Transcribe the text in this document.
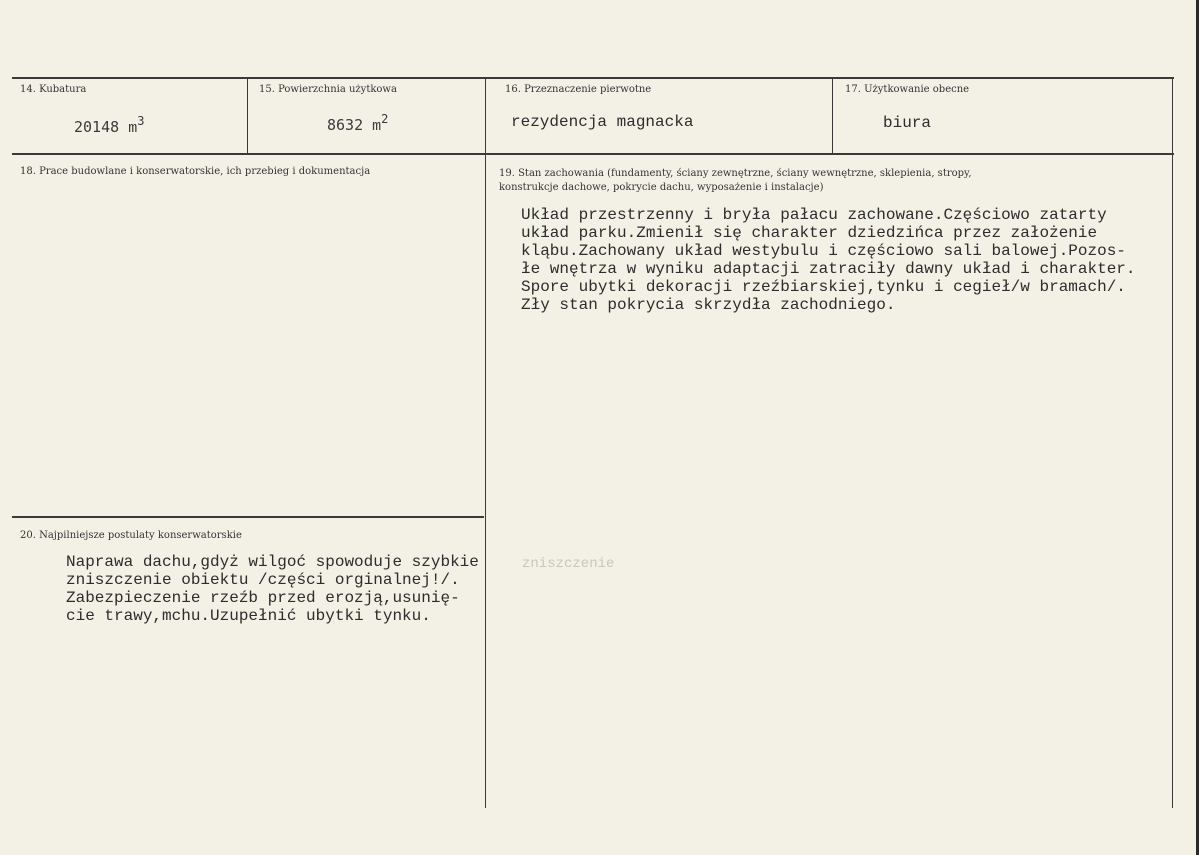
14. Kubatura
20148 $m^3$
15. Powierzchnia użytkowa
8632 $m^2$
16. Przeznaczenie pierwotne
rezydencja magnacka
17. Użytkowanie obecne
biura
18. Prace budowlane i konserwatorskie, ich przebieg i dokumentacja	19. Stan zachowania (fundamenty, ściany zewnętrzne, ściany wewnętrzne, sklepienia, stropy,
konstrukcje dachowe, pokrycie dachu, wyposażenie i instalacje)
Układ przestrzenny i bryła pałacu zachowane.Częściowo zatarty
układ parku.Zmienił się charakter dziedzińca przez założenie
kląbu.Zachowany układ westybulu i częściowo sali balowej.Pozos-
łe wnętrza w wyniku adaptacji zatraciły dawny układ i charakter.
Spore ubytki dekoracji rzeźbiarskiej,tynku i cegieł/w bramach/.
Zły stan pokrycia skrzydła zachodniego.
20. Najpilniejsze postulaty konserwatorskie
Naprawa dachu,gdyż wilgoć spowoduje szybkie
zniszczenie obiektu /części orginalnej!/.
Zabezpieczenie rzeźb przed erozją,usunię-
cie trawy,mchu.Uzupełnić ubytki tynku.
zniszczenie
